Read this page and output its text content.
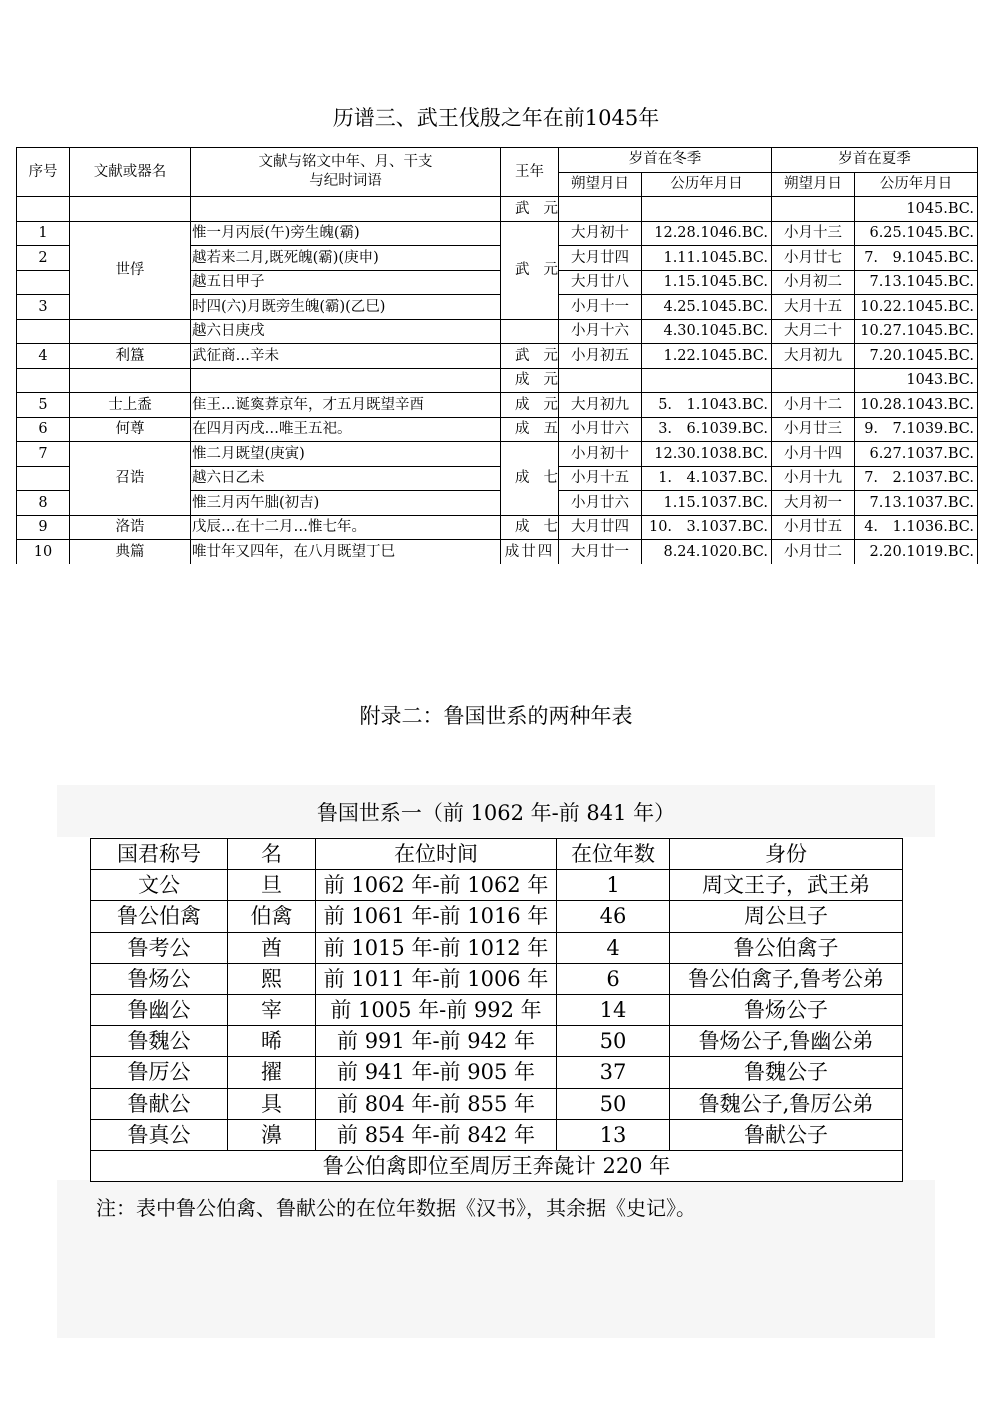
历谱三、武王伐殷之年在前1045年
序号	文献或器名	文献与铭文中年、月、干支
与纪时词语	王年	岁首在冬季		岁首在夏季	
				朔望月日	公历年月日	朔望月日	公历年月日
			武元				1045.BC.
1	世俘	惟一月丙辰(午)旁生魄(霸)	武元	大月初十	12.28.1046.BC.	小月十三	6.25.1045.BC.
2		越若来二月,既死魄(霸)(庚申)		大月廿四	1.11.1045.BC.	小月廿七	7.　9.1045.BC.
		越五日甲子		大月廿八	1.15.1045.BC.	小月初二	7.13.1045.BC.
3		时四(六)月既旁生魄(霸)(乙巳)		小月十一	4.25.1045.BC.	大月十五	10.22.1045.BC.
		越六日庚戌		小月十六	4.30.1045.BC.	大月二十	10.27.1045.BC.
4	利簋	武征商…辛未	武元	小月初五	1.22.1045.BC.	大月初九	7.20.1045.BC.
			成元				1043.BC.
5	士上盉	隹王…诞寏葊京年，才五月既望辛酉	成元	大月初九	5.　1.1043.BC.	小月十二	10.28.1043.BC.
6	何尊	在四月丙戌…唯王五祀。	成五	小月廿六	3.　6.1039.BC.	小月廿三	9.　7.1039.BC.
7	召诰	惟二月既望(庚寅)	成七	小月初十	12.30.1038.BC.	小月十四	6.27.1037.BC.
		越六日乙未		小月十五	1.　4.1037.BC.	小月十九	7.　2.1037.BC.
8		惟三月丙午朏(初吉)		小月廿六	1.15.1037.BC.	大月初一	7.13.1037.BC.
9	洛诰	戊辰…在十二月…惟七年。	成七	大月廿四	10.　3.1037.BC.	小月廿五	4.　1.1036.BC.
10	典篇	唯廿年又四年，在八月既望丁巳	成廿四	大月廿一	8.24.1020.BC.	小月廿二	2.20.1019.BC.
附录二：鲁国世系的两种年表
鲁国世系一（前 1062 年-前 841 年）
国君称号	名	在位时间	在位年数	身份
文公	旦	前 1062 年-前 1062 年	1	周文王子，武王弟
鲁公伯禽	伯禽	前 1061 年-前 1016 年	46	周公旦子
鲁考公	酋	前 1015 年-前 1012 年	4	鲁公伯禽子
鲁炀公	熙	前 1011 年-前 1006 年	6	鲁公伯禽子,鲁考公弟
鲁幽公	宰	前 1005 年-前 992 年	14	鲁炀公子
鲁魏公	晞	前 991 年-前 942 年	50	鲁炀公子,鲁幽公弟
鲁厉公	擢	前 941 年-前 905 年	37	鲁魏公子
鲁献公	具	前 804 年-前 855 年	50	鲁魏公子,鲁厉公弟
鲁真公	濞	前 854 年-前 842 年	13	鲁献公子
鲁公伯禽即位至周厉王奔彘计 220 年				
注：表中鲁公伯禽、鲁献公的在位年数据《汉书》，其余据《史记》。
